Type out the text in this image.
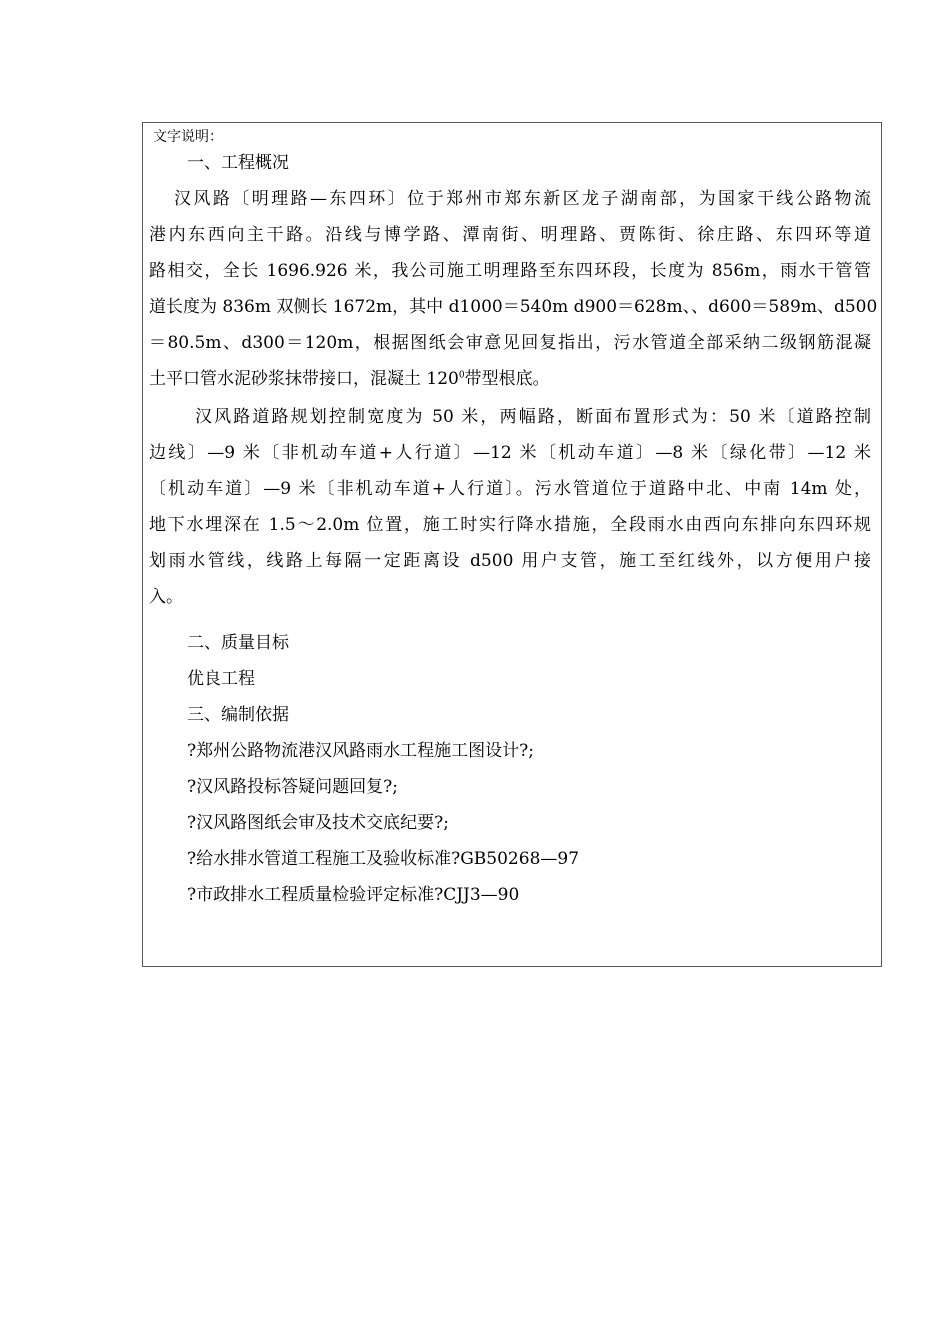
文字说明：
一、工程概况
汉风路〔明理路—东四环〕位于郑州市郑东新区龙子湖南部，为国家干线公路物流
港内东西向主干路。沿线与博学路、潭南街、明理路、贾陈街、徐庄路、东四环等道
路相交，全长 1696.926 米，我公司施工明理路至东四环段，长度为 856m，雨水干管管
道长度为 836m 双侧长 1672m，其中 d1000＝540m d900＝628m、、d600＝589m、d500
＝80.5m、d300＝120m，根据图纸会审意见回复指出，污水管道全部采纳二级钢筋混凝
土平口管水泥砂浆抹带接口，混凝土 $120^0$带型根底。
汉风路道路规划控制宽度为 50 米，两幅路，断面布置形式为：50 米〔道路控制
边线〕—9 米〔非机动车道+人行道〕—12 米〔机动车道〕—8 米〔绿化带〕—12 米
〔机动车道〕—9 米〔非机动车道+人行道〕。污水管道位于道路中北、中南 14m 处，
地下水埋深在 1.5～2.0m 位置，施工时实行降水措施，全段雨水由西向东排向东四环规
划雨水管线，线路上每隔一定距离设 d500 用户支管，施工至红线外，以方便用户接
入。
二、质量目标
优良工程
三、编制依据
?郑州公路物流港汉风路雨水工程施工图设计?;
?汉风路投标答疑问题回复?;
?汉风路图纸会审及技术交底纪要?;
?给水排水管道工程施工及验收标准?GB50268—97
?市政排水工程质量检验评定标准?CJJ3—90
